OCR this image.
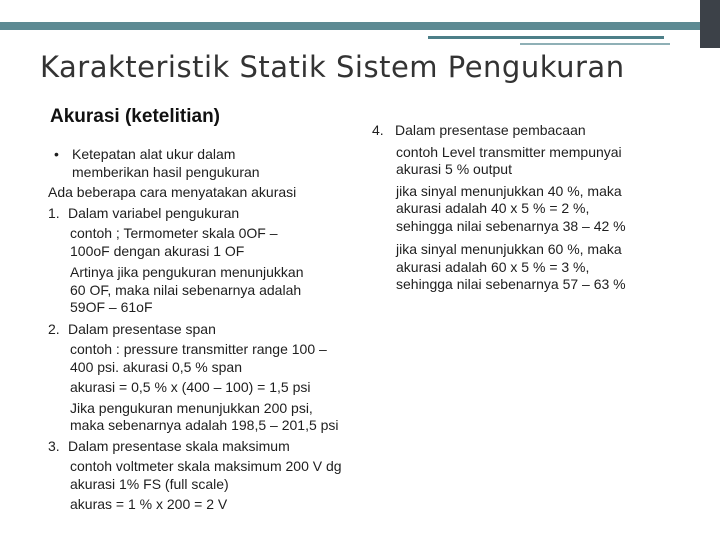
Karakteristik Statik Sistem Pengukuran
Akurasi (ketelitian)
• Ketepatan alat ukur dalam
memberikan hasil pengukuran
Ada beberapa cara menyatakan akurasi
1. Dalam variabel pengukuran
contoh ; Termometer skala 0OF –
100oF dengan akurasi 1 OF
Artinya jika pengukuran menunjukkan
60 OF, maka nilai sebenarnya adalah
59OF – 61oF
2. Dalam presentase span
contoh : pressure transmitter range 100 –
400 psi. akurasi 0,5 % span
akurasi = 0,5 % x (400 – 100) = 1,5 psi
Jika pengukuran menunjukkan 200 psi,
maka sebenarnya adalah 198,5 – 201,5 psi
3. Dalam presentase skala maksimum
contoh voltmeter skala maksimum 200 V dg
akurasi 1% FS (full scale)
akuras = 1 % x 200 = 2 V
4. Dalam presentase pembacaan
contoh Level transmitter mempunyai
akurasi 5 % output
jika sinyal menunjukkan 40 %, maka
akurasi adalah 40 x 5 % = 2 %,
sehingga nilai sebenarnya 38 – 42 %
jika sinyal menunjukkan 60 %, maka
akurasi adalah 60 x 5 % = 3 %,
sehingga nilai sebenarnya 57 – 63 %
